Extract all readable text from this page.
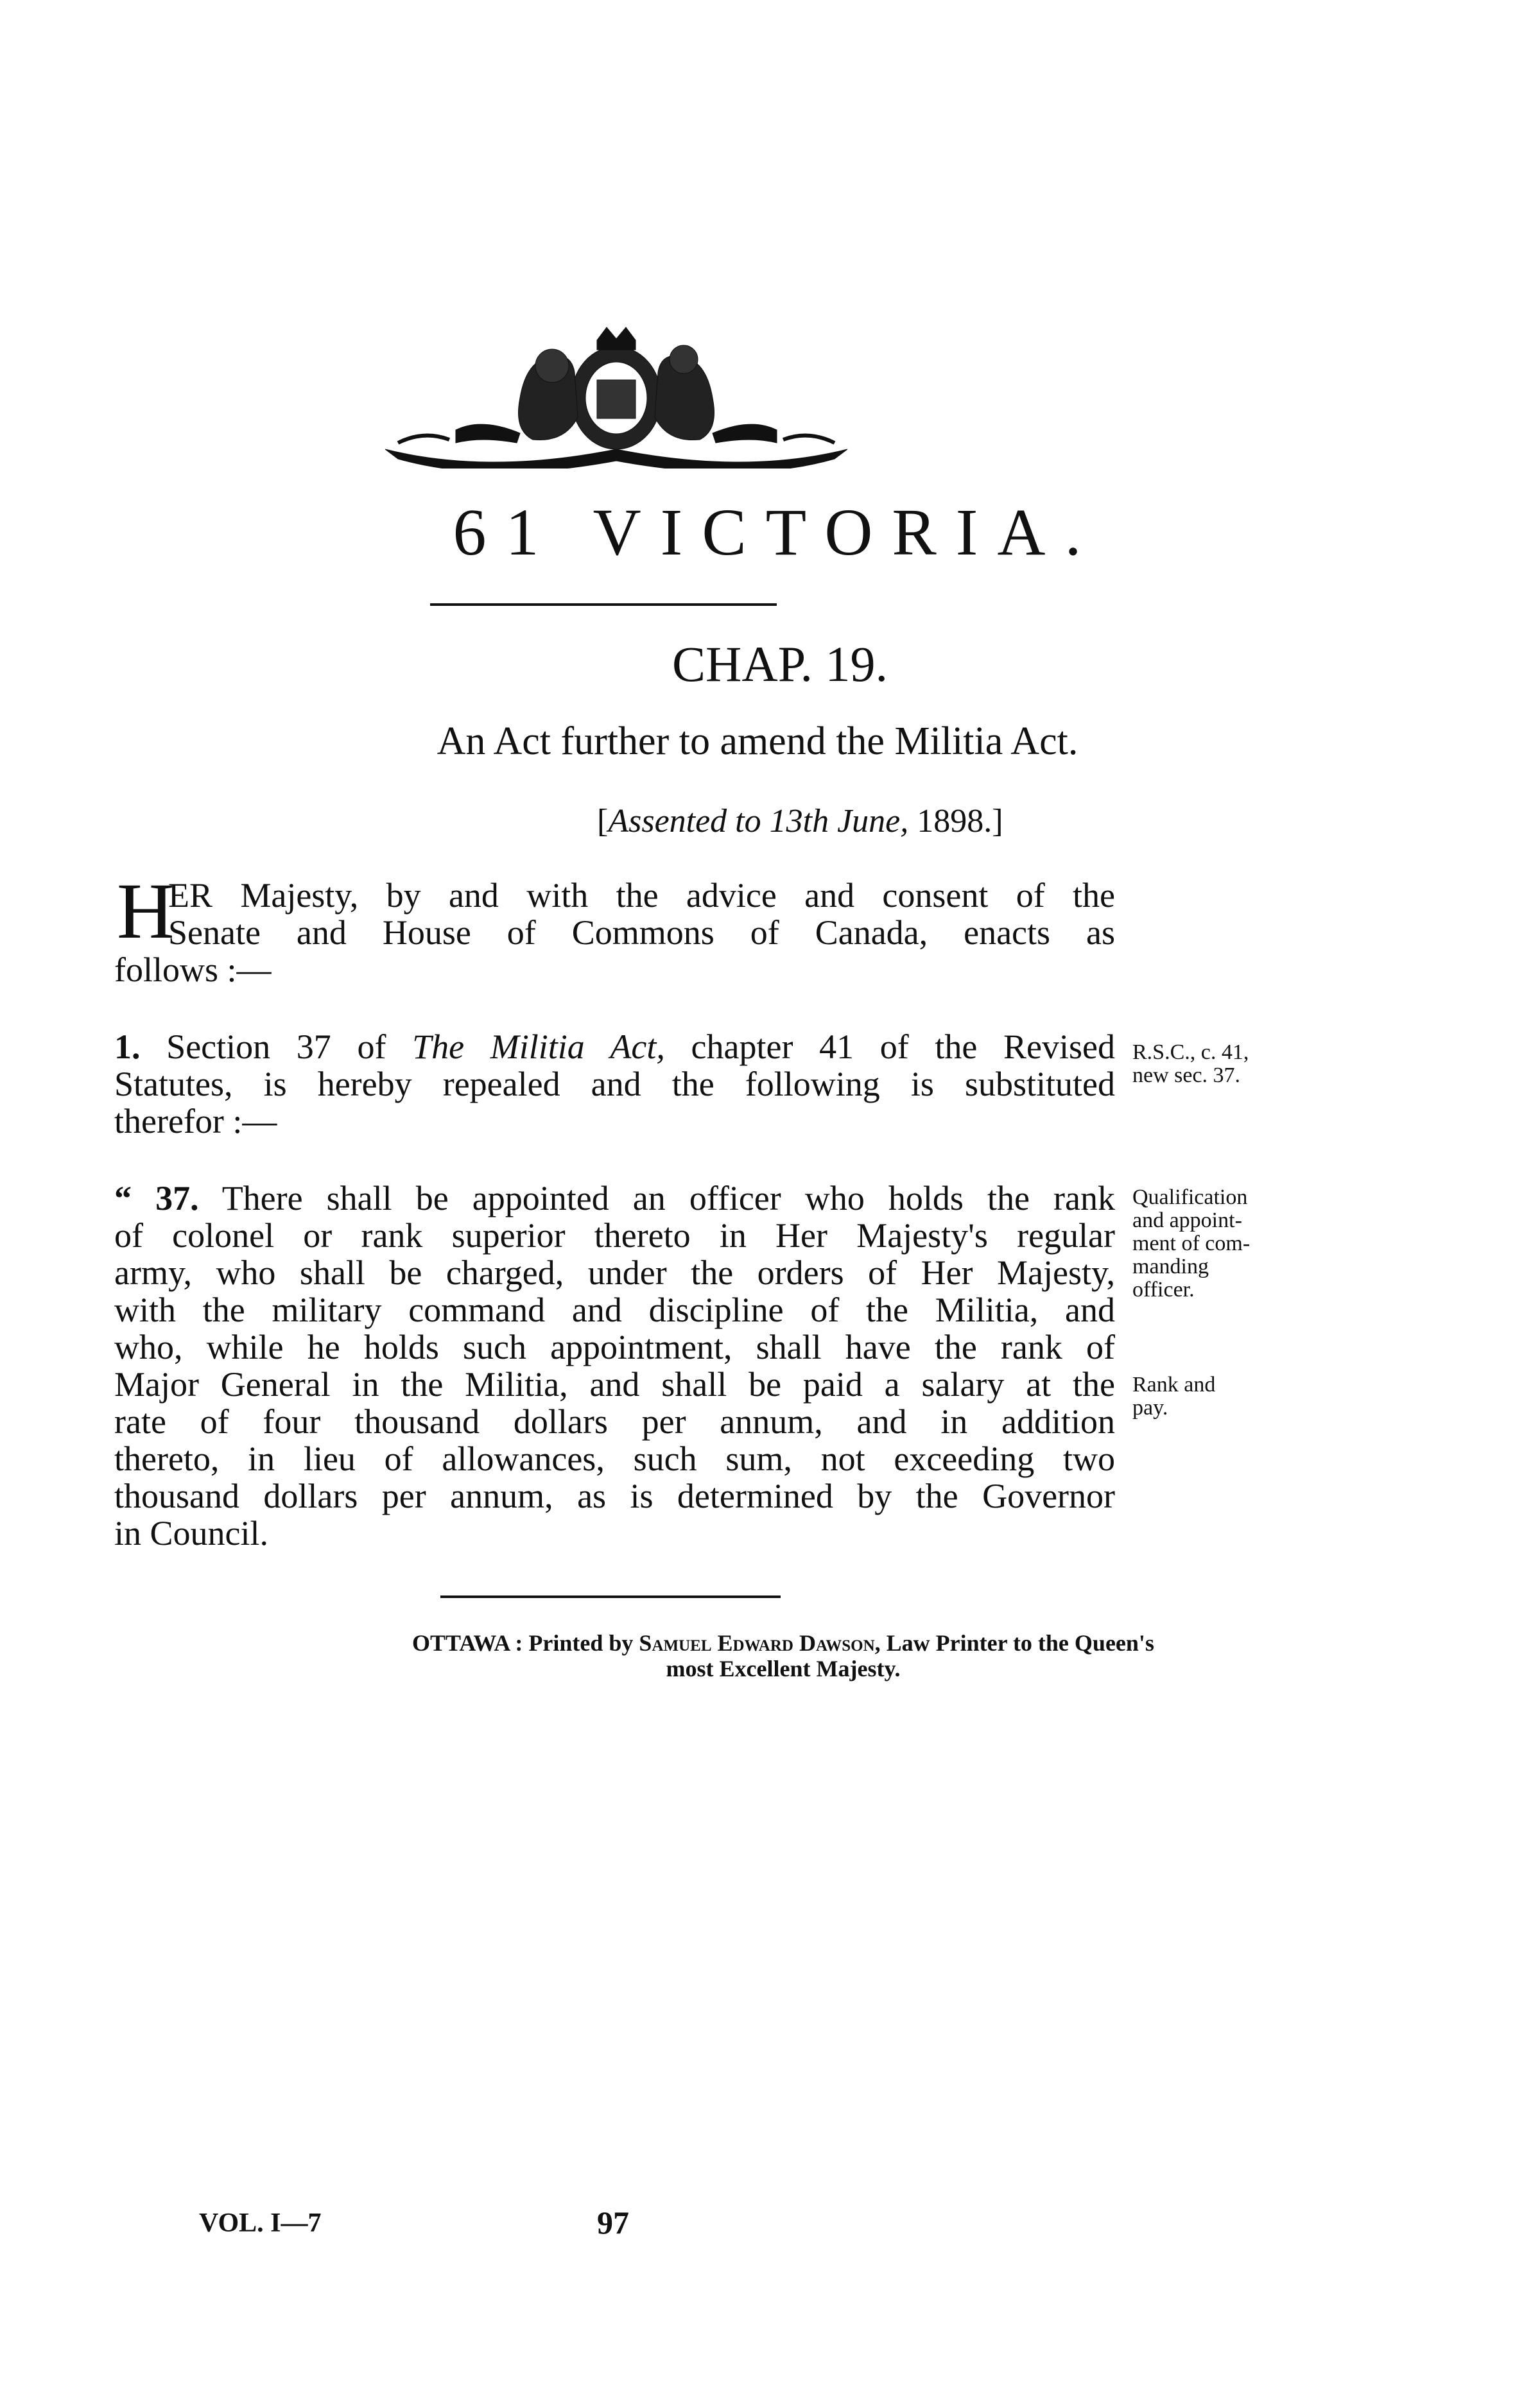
61 VICTORIA.
CHAP. 19.
An Act further to amend the Militia Act.
[Assented to 13th June, 1898.]
H
ER Majesty, by and with the advice and consent of the
Senate and House of Commons of Canada, enacts as
follows :—
1. Section 37 of The Militia Act, chapter 41 of the Revised
Statutes, is hereby repealed and the following is substituted
therefor :—
“ 37. There shall be appointed an officer who holds the rank
of colonel or rank superior thereto in Her Majesty's regular
army, who shall be charged, under the orders of Her Majesty,
with the military command and discipline of the Militia, and
who, while he holds such appointment, shall have the rank of
Major General in the Militia, and shall be paid a salary at the
rate of four thousand dollars per annum, and in addition
thereto, in lieu of allowances, such sum, not exceeding two
thousand dollars per annum, as is determined by the Governor
in Council.
R.S.C., c. 41,
new sec. 37.
Qualification
and appoint-
ment of com-
manding
officer.
Rank and
pay.
OTTAWA : Printed by Samuel Edward Dawson, Law Printer to the Queen's
most Excellent Majesty.
VOL. I—7	97
